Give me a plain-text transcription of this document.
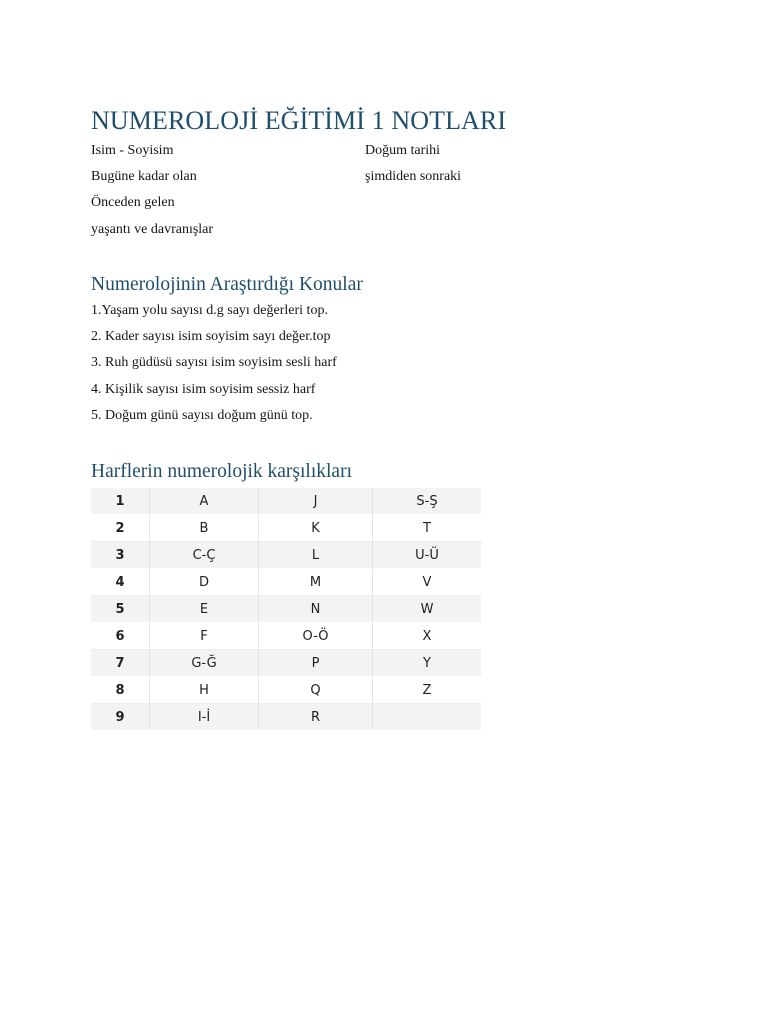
NUMEROLOJİ EĞİTİMİ 1 NOTLARI
Isim - Soyisim	Doğum tarihi
Bugüne kadar olan	şimdiden sonraki
Önceden gelen
yaşantı ve davranışlar
Numerolojinin Araştırdığı Konular
1.Yaşam yolu sayısı d.g sayı değerleri top.
2. Kader sayısı isim soyisim sayı değer.top
3. Ruh güdüsü sayısı isim soyisim sesli harf
4. Kişilik sayısı isim soyisim sessiz harf
5. Doğum günü sayısı doğum günü top.
Harflerin numerolojik karşılıkları
1	A	J	S-Ş
2	B	K	T
3	C-Ç	L	U-Ü
4	D	M	V
5	E	N	W
6	F	O-Ö	X
7	G-Ğ	P	Y
8	H	Q	Z
9	I-İ	R	
